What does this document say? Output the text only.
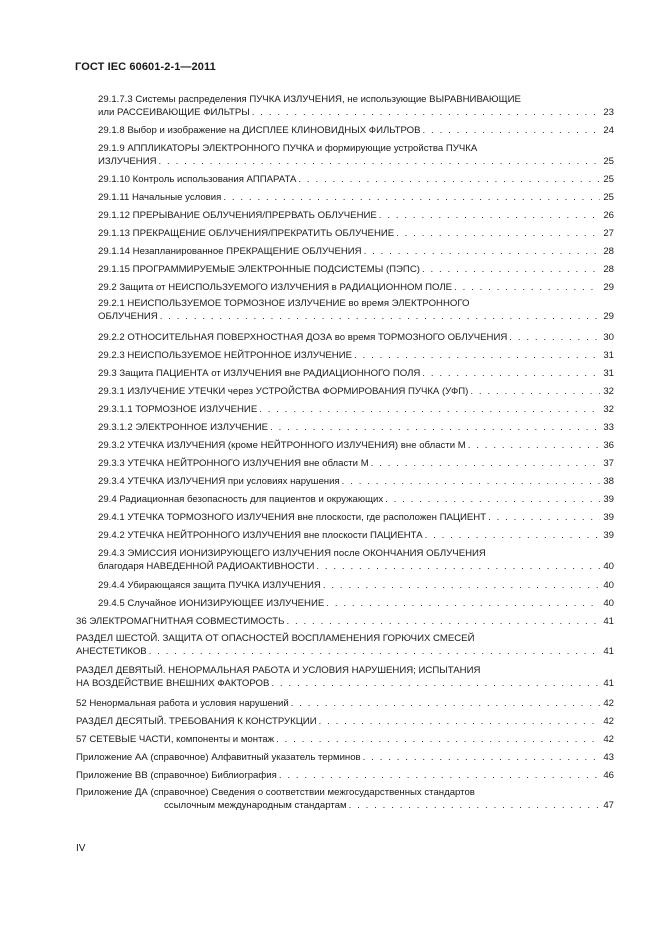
ГОСТ IEC 60601-2-1—2011
29.1.7.3 Системы распределения ПУЧКА ИЗЛУЧЕНИЯ, не использующие ВЫРАВНИВАЮЩИЕ
или РАССЕИВАЮЩИЕ ФИЛЬТРЫ . . .	23
29.1.8 Выбор и изображение на ДИСПЛЕЕ КЛИНОВИДНЫХ ФИЛЬТРОВ . . .	24
29.1.9 АППЛИКАТОРЫ ЭЛЕКТРОННОГО ПУЧКА и формирующие устройства ПУЧКА
ИЗЛУЧЕНИЯ . . .	25
29.1.10 Контроль использования АППАРАТА . . .	25
29.1.11 Начальные условия . . .	25
29.1.12 ПРЕРЫВАНИЕ ОБЛУЧЕНИЯ/ПРЕРВАТЬ ОБЛУЧЕНИЕ . . .	26
29.1.13 ПРЕКРАЩЕНИЕ ОБЛУЧЕНИЯ/ПРЕКРАТИТЬ ОБЛУЧЕНИЕ . . .	27
29.1.14 Незапланированное ПРЕКРАЩЕНИЕ ОБЛУЧЕНИЯ . . .	28
29.1.15 ПРОГРАММИРУЕМЫЕ ЭЛЕКТРОННЫЕ ПОДСИСТЕМЫ (ПЭПС) . . .	28
29.2 Защита от НЕИСПОЛЬЗУЕМОГО ИЗЛУЧЕНИЯ в РАДИАЦИОННОМ ПОЛЕ . . .	29
29.2.1 НЕИСПОЛЬЗУЕМОЕ ТОРМОЗНОЕ ИЗЛУЧЕНИЕ во время ЭЛЕКТРОННОГО
ОБЛУЧЕНИЯ . . .	29
29.2.2 ОТНОСИТЕЛЬНАЯ ПОВЕРХНОСТНАЯ ДОЗА во время ТОРМОЗНОГО ОБЛУЧЕНИЯ . . .	30
29.2.3 НЕИСПОЛЬЗУЕМОЕ НЕЙТРОННОЕ ИЗЛУЧЕНИЕ . . .	31
29.3 Защита ПАЦИЕНТА от ИЗЛУЧЕНИЯ вне РАДИАЦИОННОГО ПОЛЯ . . .	31
29.3.1 ИЗЛУЧЕНИЕ УТЕЧКИ через УСТРОЙСТВА ФОРМИРОВАНИЯ ПУЧКА (УФП) . . .	32
29.3.1.1 ТОРМОЗНОЕ ИЗЛУЧЕНИЕ . . .	32
29.3.1.2 ЭЛЕКТРОННОЕ ИЗЛУЧЕНИЕ . . .	33
29.3.2 УТЕЧКА ИЗЛУЧЕНИЯ (кроме НЕЙТРОННОГО ИЗЛУЧЕНИЯ) вне области М . . .	36
29.3.3 УТЕЧКА НЕЙТРОННОГО ИЗЛУЧЕНИЯ вне области М . . .	37
29.3.4 УТЕЧКА ИЗЛУЧЕНИЯ при условиях нарушения . . .	38
29.4 Радиационная безопасность для пациентов и окружающих . . .	39
29.4.1 УТЕЧКА ТОРМОЗНОГО ИЗЛУЧЕНИЯ вне плоскости, где расположен ПАЦИЕНТ . . .	39
29.4.2 УТЕЧКА НЕЙТРОННОГО ИЗЛУЧЕНИЯ вне плоскости ПАЦИЕНТА . . .	39
29.4.3 ЭМИССИЯ ИОНИЗИРУЮЩЕГО ИЗЛУЧЕНИЯ после ОКОНЧАНИЯ ОБЛУЧЕНИЯ
благодаря НАВЕДЕННОЙ РАДИОАКТИВНОСТИ . . .	40
29.4.4 Убирающаяся защита ПУЧКА ИЗЛУЧЕНИЯ . . .	40
29.4.5 Случайное ИОНИЗИРУЮЩЕЕ ИЗЛУЧЕНИЕ . . .	40
36 ЭЛЕКТРОМАГНИТНАЯ СОВМЕСТИМОСТЬ . . .	41
РАЗДЕЛ ШЕСТОЙ. ЗАЩИТА ОТ ОПАСНОСТЕЙ ВОСПЛАМЕНЕНИЯ ГОРЮЧИХ СМЕСЕЙ
АНЕСТЕТИКОВ . . .	41
РАЗДЕЛ ДЕВЯТЫЙ. НЕНОРМАЛЬНАЯ РАБОТА И УСЛОВИЯ НАРУШЕНИЯ; ИСПЫТАНИЯ
НА ВОЗДЕЙСТВИЕ ВНЕШНИХ ФАКТОРОВ . . .	41
52 Ненормальная работа и условия нарушений . . .	42
РАЗДЕЛ ДЕСЯТЫЙ. ТРЕБОВАНИЯ К КОНСТРУКЦИИ . . .	42
57 СЕТЕВЫЕ ЧАСТИ, компоненты и монтаж . . .	42
Приложение АА (справочное) Алфавитный указатель терминов . . .	43
Приложение ВВ (справочное) Библиография . . .	46
Приложение ДА (справочное) Сведения о соответствии межгосударственных стандартов
ссылочным международным стандартам . . .	47
IV
